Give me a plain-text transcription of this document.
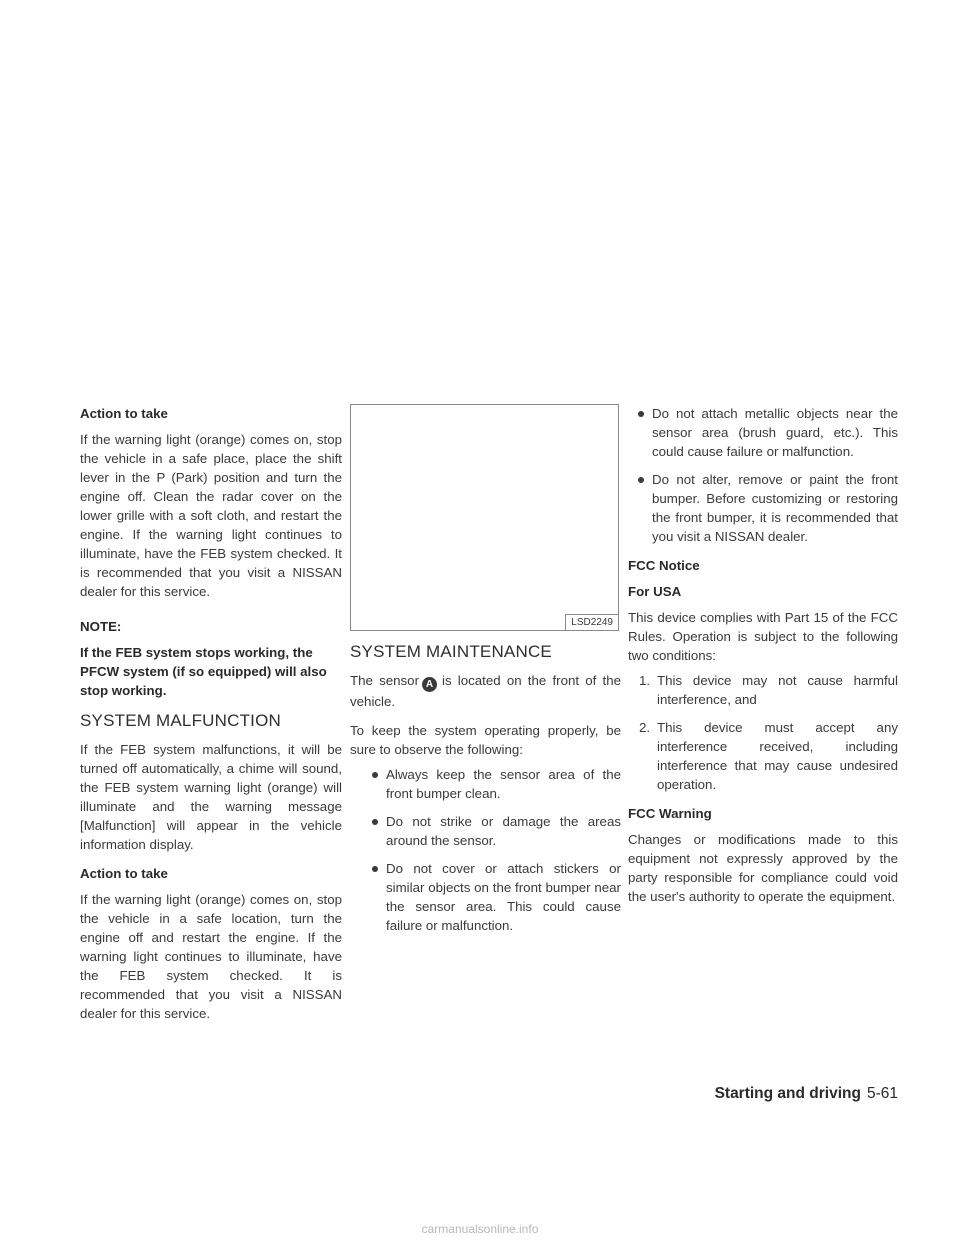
Action to take

If the warning light (orange) comes on, stop the vehicle in a safe place, place the shift lever in the P (Park) position and turn the engine off. Clean the radar cover on the lower grille with a soft cloth, and restart the engine. If the warning light continues to illuminate, have the FEB system checked. It is recommended that you visit a NISSAN dealer for this service.

NOTE:

If the FEB system stops working, the PFCW system (if so equipped) will also stop working.

SYSTEM MALFUNCTION

If the FEB system malfunctions, it will be turned off automatically, a chime will sound, the FEB system warning light (orange) will illuminate and the warning message [Malfunction] will appear in the vehicle information display.

Action to take

If the warning light (orange) comes on, stop the vehicle in a safe location, turn the engine off and restart the engine. If the warning light continues to illuminate, have the FEB system checked. It is recommended that you visit a NISSAN dealer for this service.

LSD2249
SYSTEM MAINTENANCE

The sensor A is located on the front of the vehicle.

To keep the system operating properly, be sure to observe the following:

Always keep the sensor area of the front bumper clean.
Do not strike or damage the areas around the sensor.
Do not cover or attach stickers or similar objects on the front bumper near the sensor area. This could cause failure or malfunction.
Do not attach metallic objects near the sensor area (brush guard, etc.). This could cause failure or malfunction.
Do not alter, remove or paint the front bumper. Before customizing or restoring the front bumper, it is recommended that you visit a NISSAN dealer.

FCC Notice

For USA

This device complies with Part 15 of the FCC Rules. Operation is subject to the following two conditions:

1. This device may not cause harmful interference, and
2. This device must accept any interference received, including interference that may cause undesired operation.

FCC Warning

Changes or modifications made to this equipment not expressly approved by the party responsible for compliance could void the user's authority to operate the equipment.

Starting and driving 5-61
carmanualsonline.info
